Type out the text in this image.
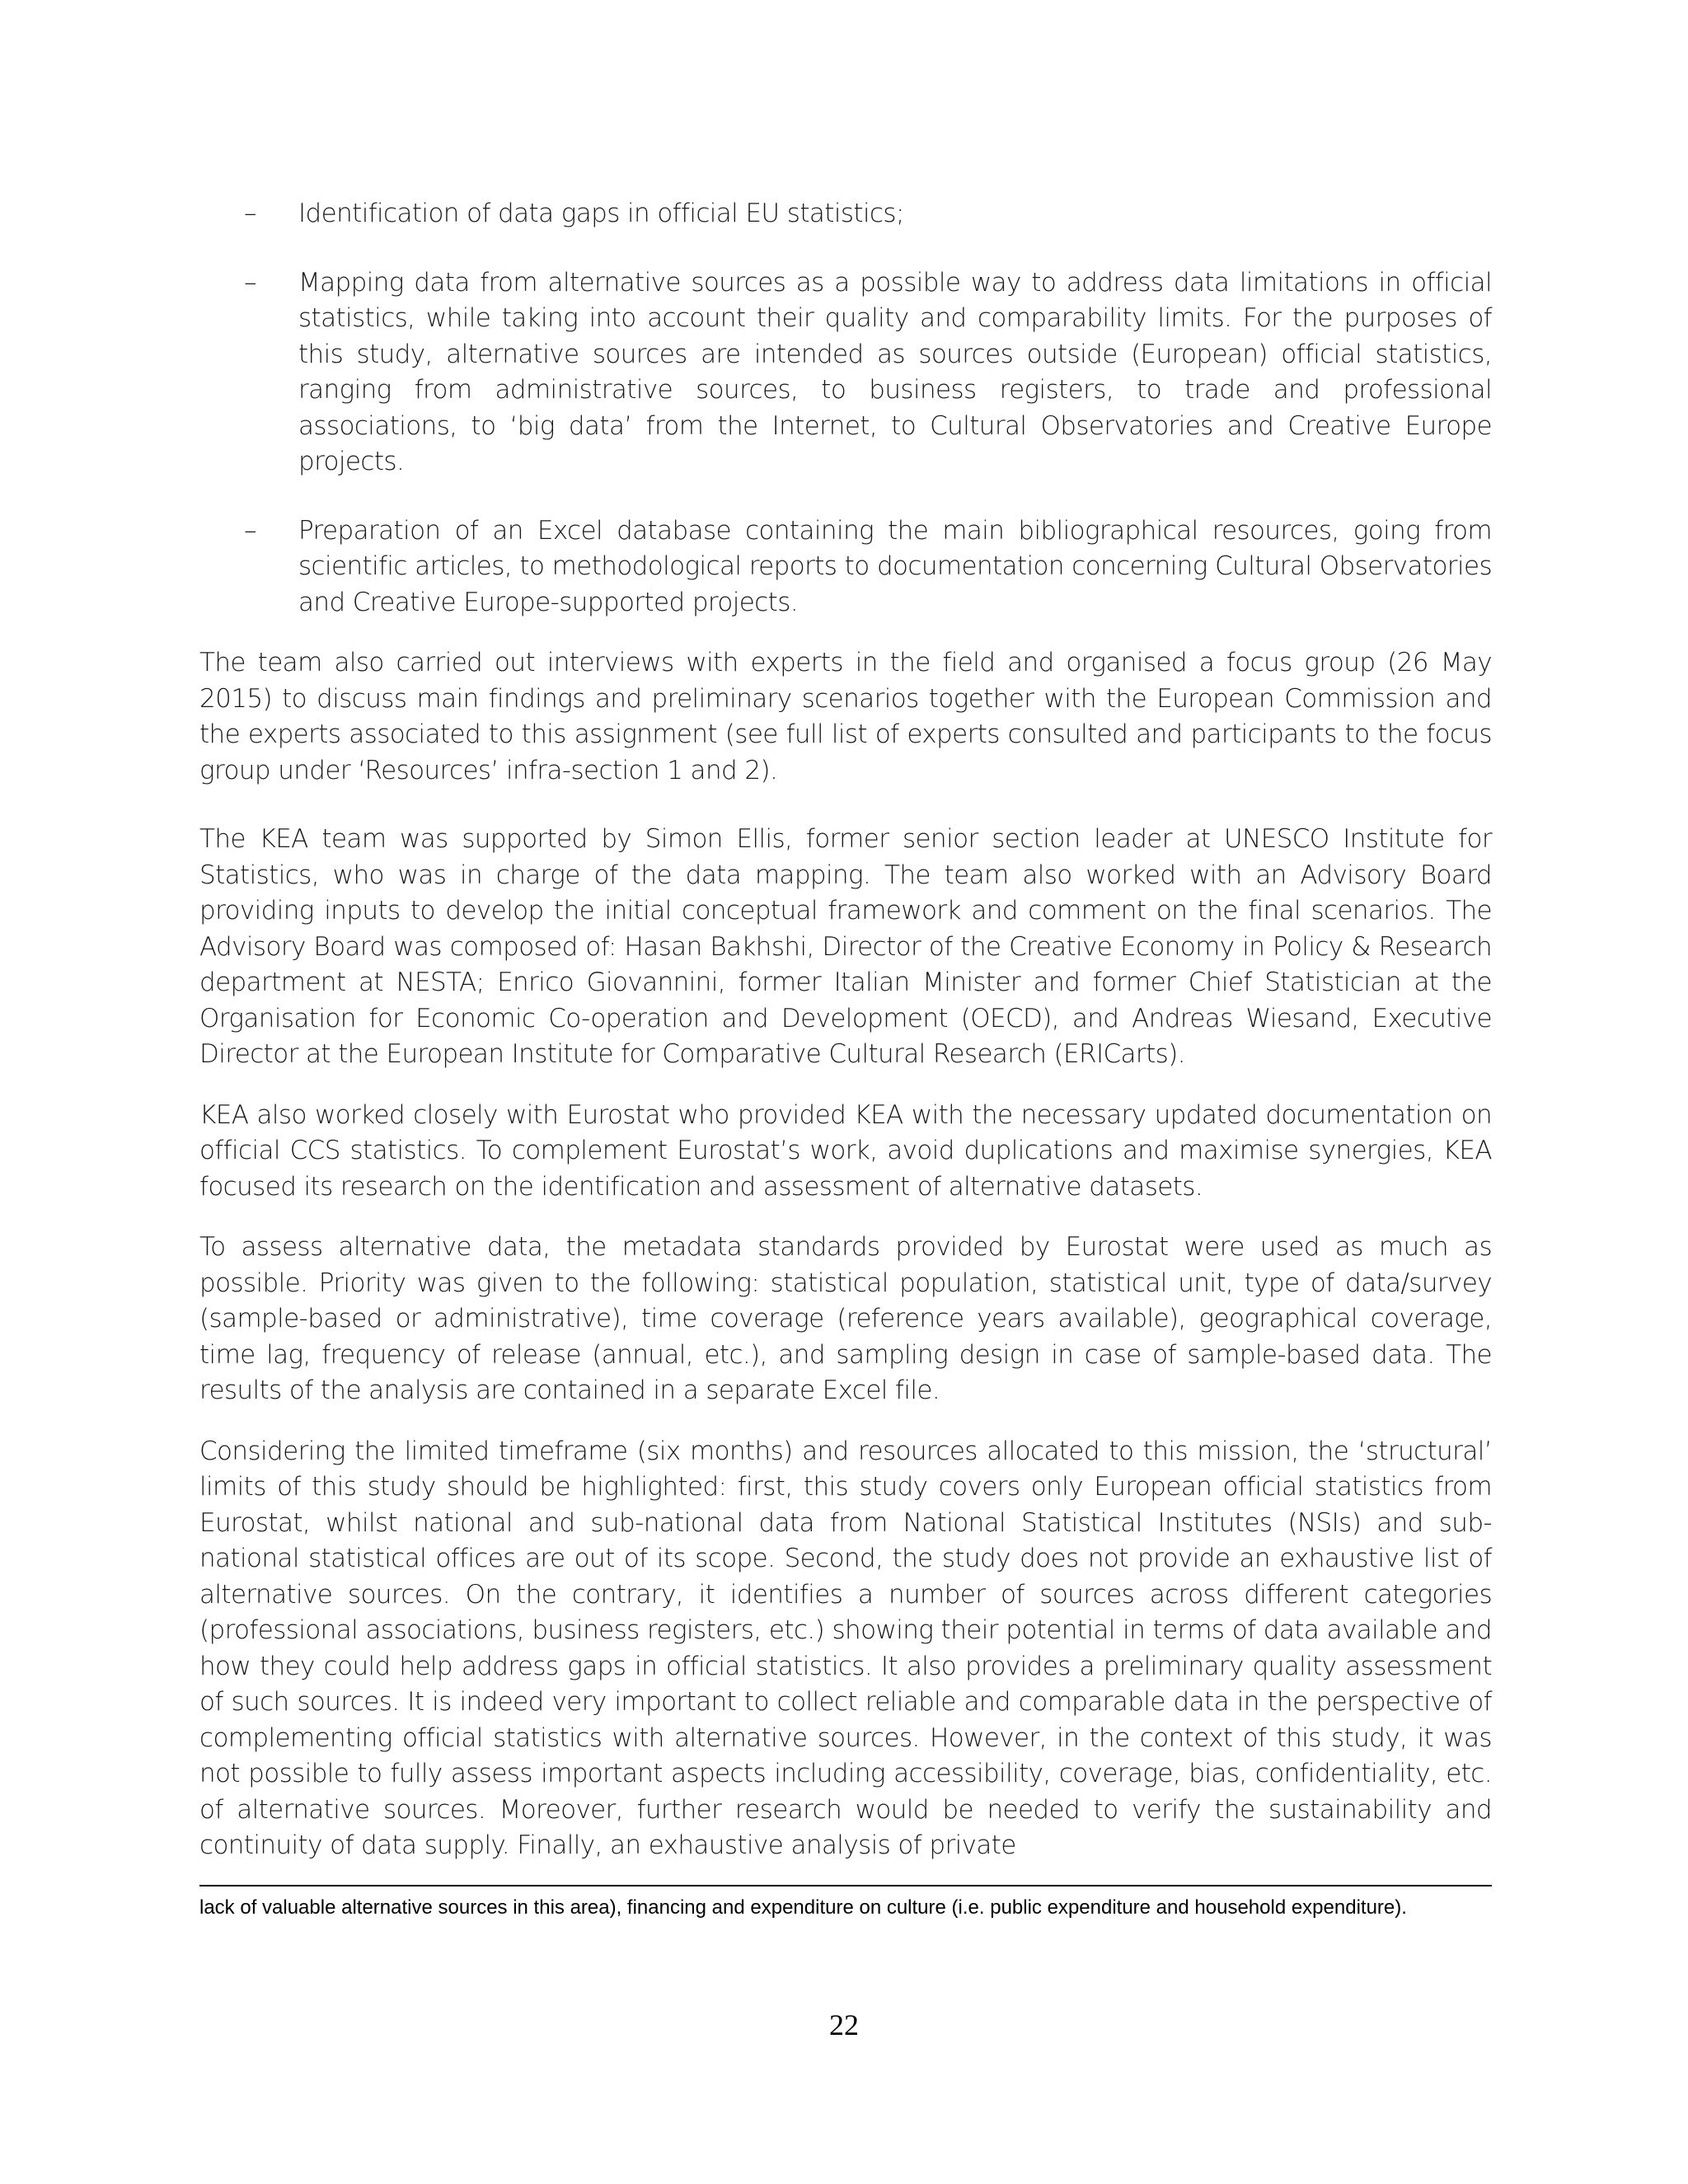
– Identification of data gaps in official EU statistics;
– Mapping data from alternative sources as a possible way to address data limitations in official statistics, while taking into account their quality and comparability limits. For the purposes of this study, alternative sources are intended as sources outside (European) official statistics, ranging from administrative sources, to business registers, to trade and professional associations, to ‘big data’ from the Internet, to Cultural Observatories and Creative Europe projects.
– Preparation of an Excel database containing the main bibliographical resources, going from scientific articles, to methodological reports to documentation concerning Cultural Observatories and Creative Europe-supported projects.

The team also carried out interviews with experts in the field and organised a focus group (26 May 2015) to discuss main findings and preliminary scenarios together with the European Commission and the experts associated to this assignment (see full list of experts consulted and participants to the focus group under ‘Resources’ infra-section 1 and 2).

The KEA team was supported by Simon Ellis, former senior section leader at UNESCO Institute for Statistics, who was in charge of the data mapping. The team also worked with an Advisory Board providing inputs to develop the initial conceptual framework and comment on the final scenarios. The Advisory Board was composed of: Hasan Bakhshi, Director of the Creative Economy in Policy & Research department at NESTA; Enrico Giovannini, former Italian Minister and former Chief Statistician at the Organisation for Economic Co-operation and Development (OECD), and Andreas Wiesand, Executive Director at the European Institute for Comparative Cultural Research (ERICarts).

KEA also worked closely with Eurostat who provided KEA with the necessary updated documentation on official CCS statistics. To complement Eurostat’s work, avoid duplications and maximise synergies, KEA focused its research on the identification and assessment of alternative datasets.

To assess alternative data, the metadata standards provided by Eurostat were used as much as possible. Priority was given to the following: statistical population, statistical unit, type of data/survey (sample-based or administrative), time coverage (reference years available), geographical coverage, time lag, frequency of release (annual, etc.), and sampling design in case of sample-based data. The results of the analysis are contained in a separate Excel file.

Considering the limited timeframe (six months) and resources allocated to this mission, the ‘structural’ limits of this study should be highlighted: first, this study covers only European official statistics from Eurostat, whilst national and sub-national data from National Statistical Institutes (NSIs) and sub-national statistical offices are out of its scope. Second, the study does not provide an exhaustive list of alternative sources. On the contrary, it identifies a number of sources across different categories (professional associations, business registers, etc.) showing their potential in terms of data available and how they could help address gaps in official statistics. It also provides a preliminary quality assessment of such sources. It is indeed very important to collect reliable and comparable data in the perspective of complementing official statistics with alternative sources. However, in the context of this study, it was not possible to fully assess important aspects including accessibility, coverage, bias, confidentiality, etc. of alternative sources. Moreover, further research would be needed to verify the sustainability and continuity of data supply. Finally, an exhaustive analysis of private

lack of valuable alternative sources in this area), financing and expenditure on culture (i.e. public expenditure and household expenditure).
22
